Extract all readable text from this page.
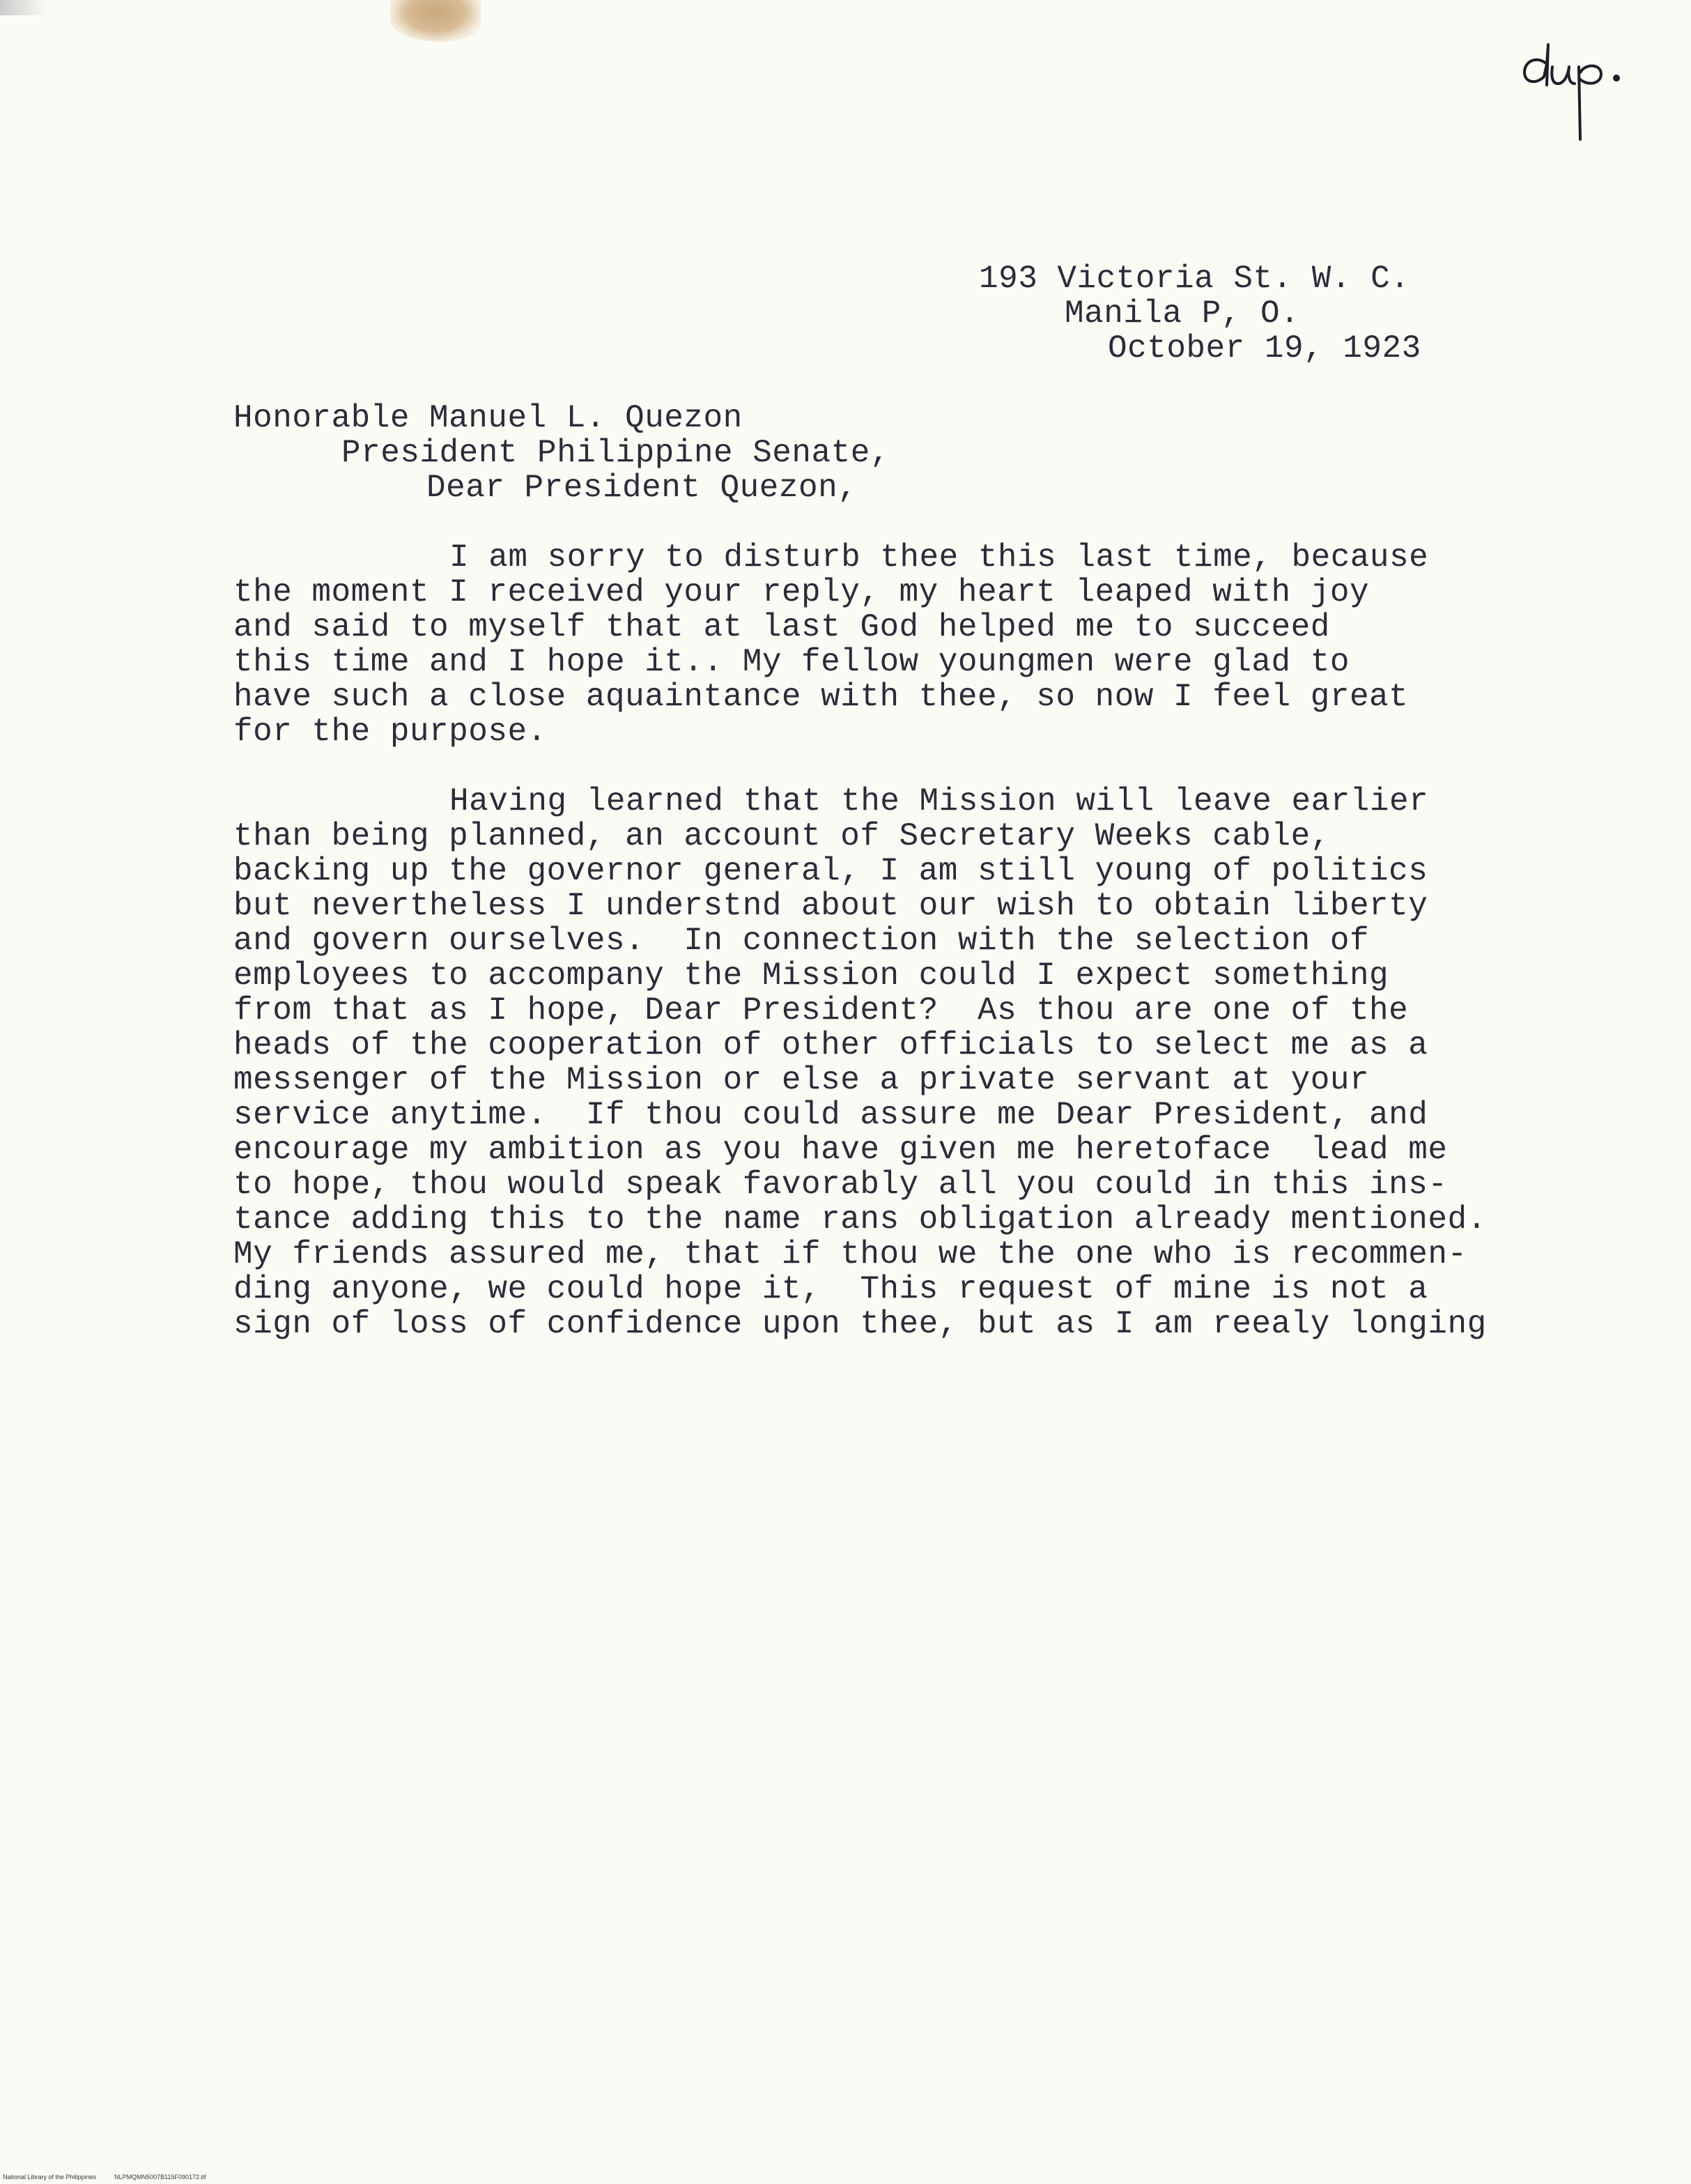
193 Victoria St. W. C.
Manila P, O.
October 19, 1923
Honorable Manuel L. Quezon
President Philippine Senate,
Dear President Quezon,
I am sorry to disturb thee this last time, because
the moment I received your reply, my heart leaped with joy
and said to myself that at last God helped me to succeed
this time and I hope it.. My fellow youngmen were glad to
have such a close aquaintance with thee, so now I feel great
for the purpose.
Having learned that the Mission will leave earlier
than being planned, an account of Secretary Weeks cable,
backing up the governor general, I am still young of politics
but nevertheless I understnd about our wish to obtain liberty
and govern ourselves.  In connection with the selection of
employees to accompany the Mission could I expect something
from that as I hope, Dear President?  As thou are one of the
heads of the cooperation of other officials to select me as a
messenger of the Mission or else a private servant at your
service anytime.  If thou could assure me Dear President, and
encourage my ambition as you have given me heretoface  lead me
to hope, thou would speak favorably all you could in this ins-
tance adding this to the name rans obligation already mentioned.
My friends assured me, that if thou we the one who is recommen-
ding anyone, we could hope it,  This request of mine is not a
sign of loss of confidence upon thee, but as I am reealy longing
National Library of the Philippines	NLPMQMN5007B115F090172.tif
